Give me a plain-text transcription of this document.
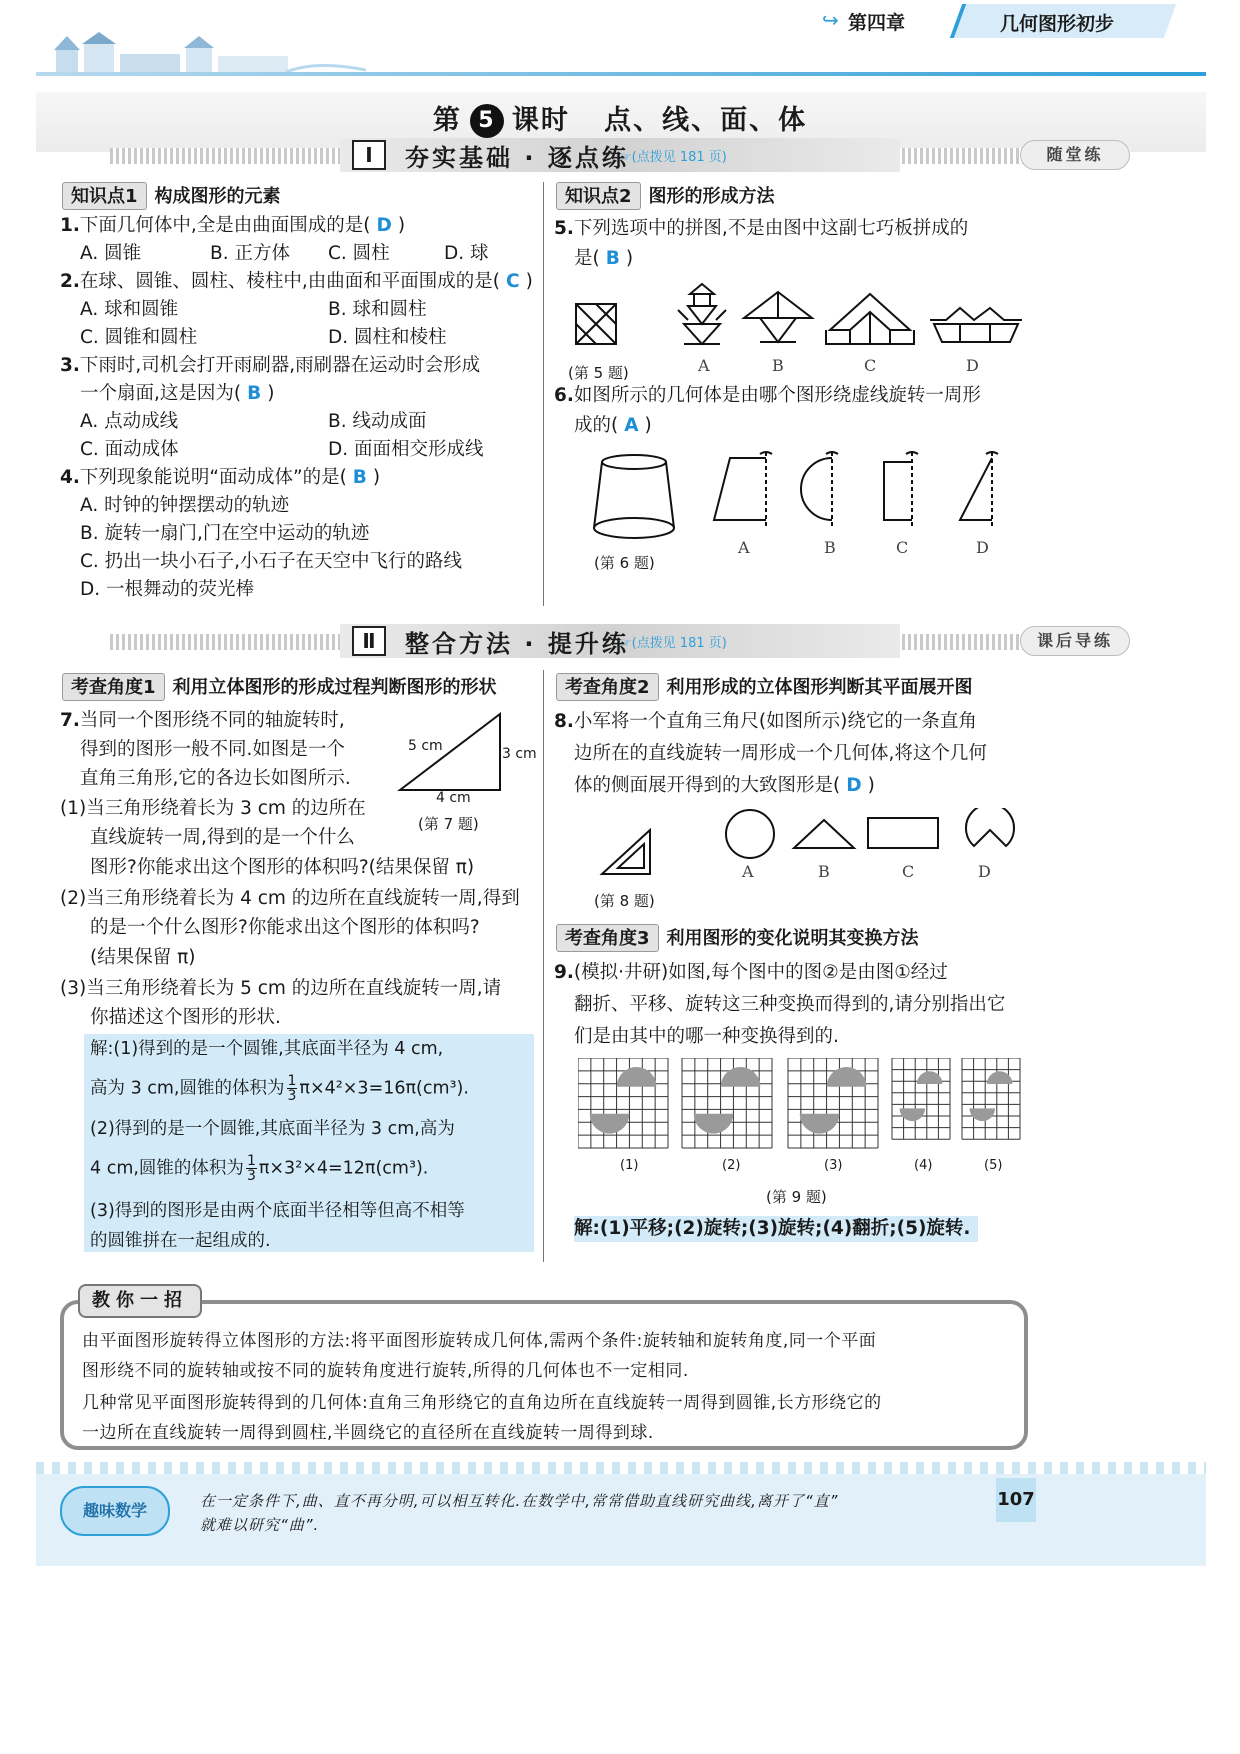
↪ 第四章	几何图形初步
第 5 课时 点、线、面、体
Ⅰ	夯实基础 · 逐点练
☞(点拨见 181 页)	随堂练
知识点1 构成图形的元素
1.下面几何体中,全是由曲面围成的是( D )
A. 圆锥	B. 正方体 C. 圆柱	D. 球
2.在球、圆锥、圆柱、棱柱中,由曲面和平面围成的是( C )
A. 球和圆锥	B. 球和圆柱
C. 圆锥和圆柱	D. 圆柱和棱柱
3.下雨时,司机会打开雨刷器,雨刷器在运动时会形成
一个扇面,这是因为( B )
A. 点动成线	B. 线动成面
C. 面动成体	D. 面面相交形成线
4.下列现象能说明“面动成体”的是( B )
A. 时钟的钟摆摆动的轨迹
B. 旋转一扇门,门在空中运动的轨迹
C. 扔出一块小石子,小石子在天空中飞行的路线
D. 一根舞动的荧光棒
知识点2 图形的形成方法
5.下列选项中的拼图,不是由图中这副七巧板拼成的
是( B )
(第 5 题)	A	B	C	D
6.如图所示的几何体是由哪个图形绕虚线旋转一周形
成的( A )
(第 6 题)
A	B	C	D
Ⅱ	整合方法 · 提升练
☞(点拨见 181 页)	课后导练
考查角度1 利用立体图形的形成过程判断图形的形状
7.当同一个图形绕不同的轴旋转时,
得到的图形一般不同.如图是一个
直角三角形,它的各边长如图所示.
5 cm	3 cm
4 cm
(第 7 题)
(1)当三角形绕着长为 3 cm 的边所在
直线旋转一周,得到的是一个什么
图形?你能求出这个图形的体积吗?(结果保留 π)
(2)当三角形绕着长为 4 cm 的边所在直线旋转一周,得到
的是一个什么图形?你能求出这个图形的体积吗?
(结果保留 π)
(3)当三角形绕着长为 5 cm 的边所在直线旋转一周,请
你描述这个图形的形状.
解:(1)得到的是一个圆锥,其底面半径为 4 cm,
高为 3 cm,圆锥的体积为 $\frac{1}{3} \pi\times 4^2\times 3=16\pi(cm^3)$.
(2)得到的是一个圆锥,其底面半径为 3 cm,高为
4 cm,圆锥的体积为 $\frac{1}{3} \pi\times 3^2\times 4=12\pi(cm^3)$.
(3)得到的图形是由两个底面半径相等但高不相等
的圆锥拼在一起组成的.
考查角度2 利用形成的立体图形判断其平面展开图
8.小军将一个直角三角尺(如图所示)绕它的一条直角
边所在的直线旋转一周形成一个几何体,将这个几何
体的侧面展开得到的大致图形是( D )
A	B	C	D
(第 8 题)
考查角度3 利用图形的变化说明其变换方法
9.(模拟·井研)如图,每个图中的图②是由图①经过
翻折、平移、旋转这三种变换而得到的,请分别指出它
们是由其中的哪一种变换得到的.
(1)	(2)	(3)	(4)	(5)
(第 9 题)
解:(1)平移;(2)旋转;(3)旋转;(4)翻折;(5)旋转.
教你一招
由平面图形旋转得立体图形的方法:将平面图形旋转成几何体,需两个条件:旋转轴和旋转角度,同一个平面
图形绕不同的旋转轴或按不同的旋转角度进行旋转,所得的几何体也不一定相同.
几种常见平面图形旋转得到的几何体:直角三角形绕它的直角边所在直线旋转一周得到圆锥,长方形绕它的
一边所在直线旋转一周得到圆柱,半圆绕它的直径所在直线旋转一周得到球.
趣味数学	在一定条件下,曲、直不再分明,可以相互转化.在数学中,常常借助直线研究曲线,离开了“直”
就难以研究“曲”.
107
